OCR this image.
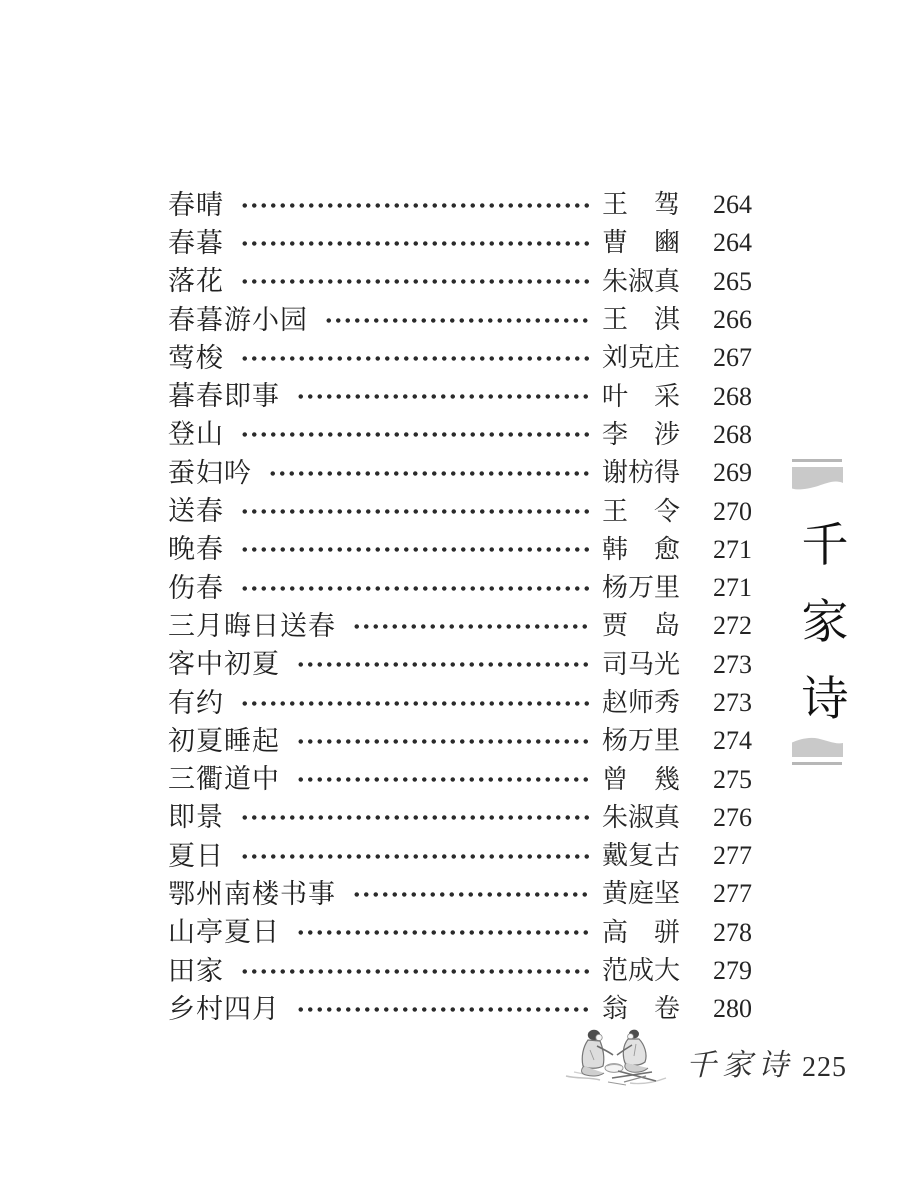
春晴	王　驾	264
春暮	曹　豳	264
落花	朱淑真	265
春暮游小园	王　淇	266
莺梭	刘克庄	267
暮春即事	叶　采	268
登山	李　涉	268
蚕妇吟	谢枋得	269
送春	王　令	270
晚春	韩　愈	271
伤春	杨万里	271
三月晦日送春	贾　岛	272
客中初夏	司马光	273
有约	赵师秀	273
初夏睡起	杨万里	274
三衢道中	曾　幾	275
即景	朱淑真	276
夏日	戴复古	277
鄂州南楼书事	黄庭坚	277
山亭夏日	高　骈	278
田家	范成大	279
乡村四月	翁　卷	280
千
家
诗
千家诗 225
